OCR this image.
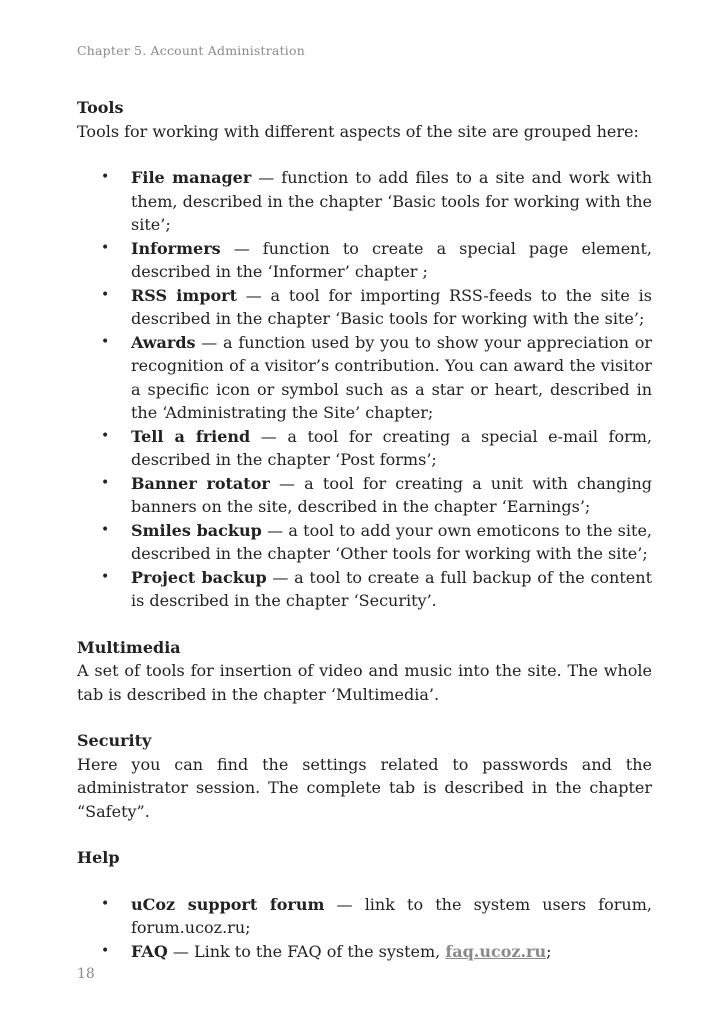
Chapter 5. Account Administration

Tools

Tools for working with different aspects of the site are grouped here:

• File manager — function to add files to a site and work with them, described in the chapter ‘Basic tools for working with the site’;
• Informers — function to create a special page element, described in the ‘Informer’ chapter ;
• RSS import — a tool for importing RSS-feeds to the site is described in the chapter ‘Basic tools for working with the site’;
• Awards — a function used by you to show your appreciation or recognition of a visitor’s contribution. You can award the visitor a specific icon or symbol such as a star or heart, described in the ‘Administrating the Site’ chapter;
• Tell a friend — a tool for creating a special e-mail form, described in the chapter ‘Post forms’;
• Banner rotator — a tool for creating a unit with changing banners on the site, described in the chapter ‘Earnings’;
• Smiles backup — a tool to add your own emoticons to the site, described in the chapter ‘Other tools for working with the site’;
• Project backup — a tool to create a full backup of the content is described in the chapter ‘Security’.

Multimedia

A set of tools for insertion of video and music into the site. The whole tab is described in the chapter ‘Multimedia’.

Security

Here you can find the settings related to passwords and the administrator session. The complete tab is described in the chapter “Safety”.

Help

• uCoz support forum — link to the system users forum, forum.ucoz.ru;
• FAQ — Link to the FAQ of the system, faq.ucoz.ru;
18
